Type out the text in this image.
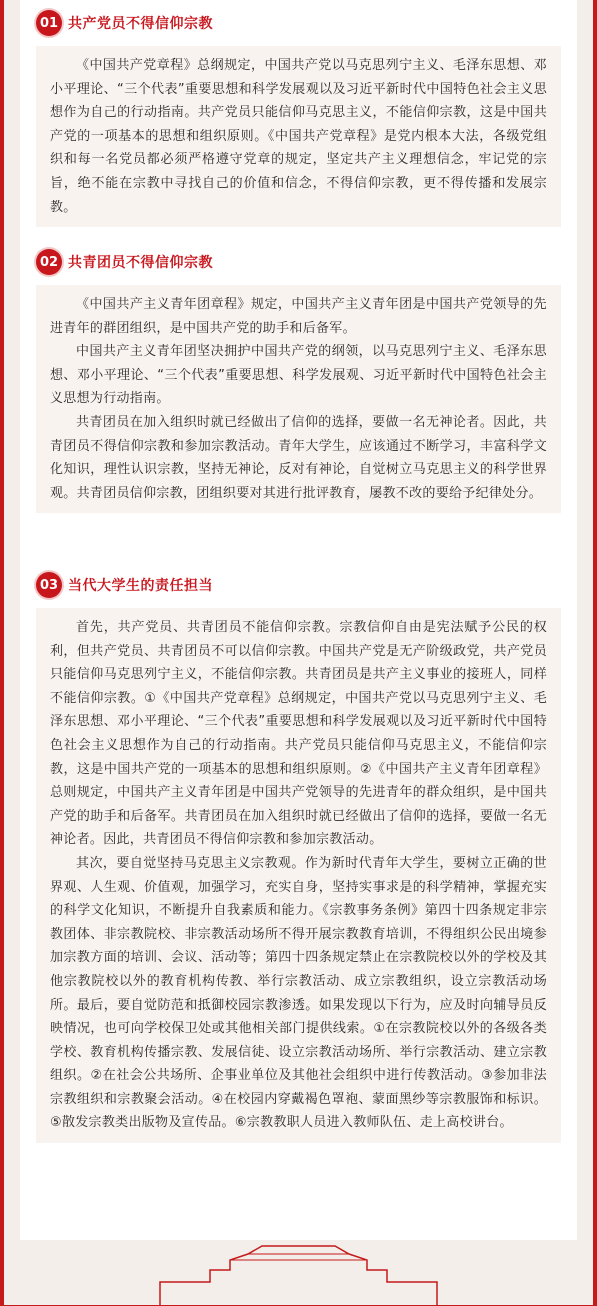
01 共产党员不得信仰宗教

《中国共产党章程》总纲规定，中国共产党以马克思列宁主义、毛泽东思想、邓小平理论、“三个代表”重要思想和科学发展观以及习近平新时代中国特色社会主义思想作为自己的行动指南。共产党员只能信仰马克思主义，不能信仰宗教，这是中国共产党的一项基本的思想和组织原则。《中国共产党章程》是党内根本大法，各级党组织和每一名党员都必须严格遵守党章的规定，坚定共产主义理想信念，牢记党的宗旨，绝不能在宗教中寻找自己的价值和信念，不得信仰宗教，更不得传播和发展宗教。

02 共青团员不得信仰宗教

《中国共产主义青年团章程》规定，中国共产主义青年团是中国共产党领导的先进青年的群团组织，是中国共产党的助手和后备军。

中国共产主义青年团坚决拥护中国共产党的纲领，以马克思列宁主义、毛泽东思想、邓小平理论、“三个代表”重要思想、科学发展观、习近平新时代中国特色社会主义思想为行动指南。

共青团员在加入组织时就已经做出了信仰的选择，要做一名无神论者。因此，共青团员不得信仰宗教和参加宗教活动。青年大学生，应该通过不断学习，丰富科学文化知识，理性认识宗教，坚持无神论，反对有神论，自觉树立马克思主义的科学世界观。共青团员信仰宗教，团组织要对其进行批评教育，屡教不改的要给予纪律处分。

03 当代大学生的责任担当

首先，共产党员、共青团员不能信仰宗教。宗教信仰自由是宪法赋予公民的权利，但共产党员、共青团员不可以信仰宗教。中国共产党是无产阶级政党，共产党员只能信仰马克思列宁主义，不能信仰宗教。共青团员是共产主义事业的接班人，同样不能信仰宗教。①《中国共产党章程》总纲规定，中国共产党以马克思列宁主义、毛泽东思想、邓小平理论、“三个代表”重要思想和科学发展观以及习近平新时代中国特色社会主义思想作为自己的行动指南。共产党员只能信仰马克思主义，不能信仰宗教，这是中国共产党的一项基本的思想和组织原则。②《中国共产主义青年团章程》总则规定，中国共产主义青年团是中国共产党领导的先进青年的群众组织，是中国共产党的助手和后备军。共青团员在加入组织时就已经做出了信仰的选择，要做一名无神论者。因此，共青团员不得信仰宗教和参加宗教活动。

其次，要自觉坚持马克思主义宗教观。作为新时代青年大学生，要树立正确的世界观、人生观、价值观，加强学习，充实自身，坚持实事求是的科学精神，掌握充实的科学文化知识，不断提升自我素质和能力。《宗教事务条例》第四十四条规定非宗教团体、非宗教院校、非宗教活动场所不得开展宗教教育培训，不得组织公民出境参加宗教方面的培训、会议、活动等；第四十四条规定禁止在宗教院校以外的学校及其他宗教院校以外的教育机构传教、举行宗教活动、成立宗教组织，设立宗教活动场所。最后，要自觉防范和抵御校园宗教渗透。如果发现以下行为，应及时向辅导员反映情况，也可向学校保卫处或其他相关部门提供线索。①在宗教院校以外的各级各类学校、教育机构传播宗教、发展信徒、设立宗教活动场所、举行宗教活动、建立宗教组织。②在社会公共场所、企事业单位及其他社会组织中进行传教活动。③参加非法宗教组织和宗教聚会活动。④在校园内穿戴褐色罩袍、蒙面黑纱等宗教服饰和标识。⑤散发宗教类出版物及宣传品。⑥宗教教职人员进入教师队伍、走上高校讲台。
